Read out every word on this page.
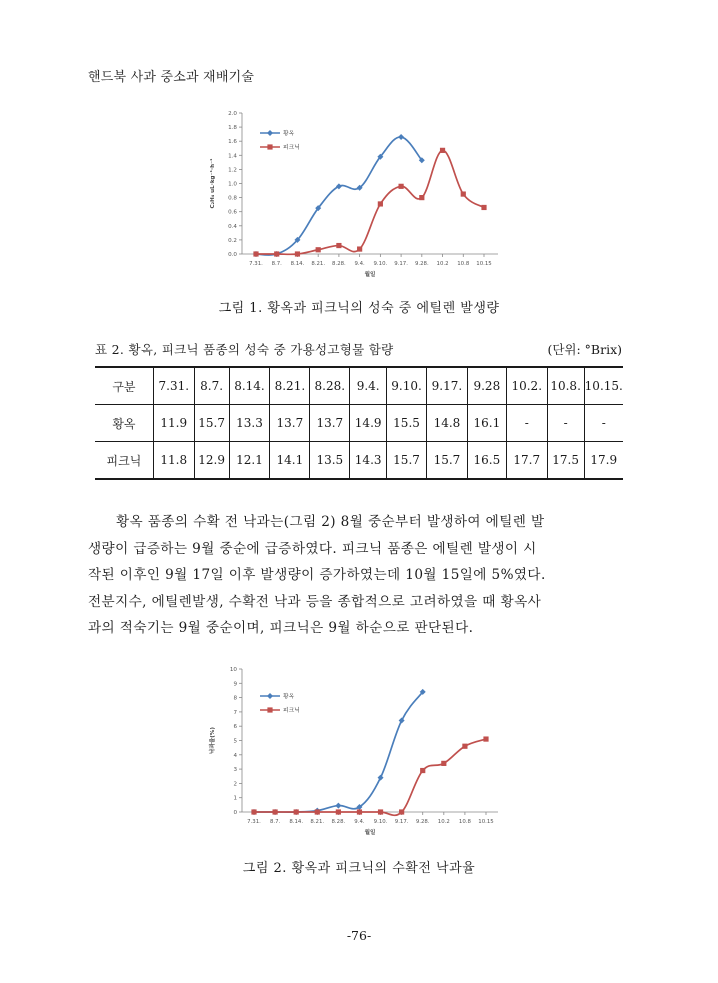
핸드북 사과 중소과 재배기술
0.0
0.2
0.4
0.6
0.8
1.0
1.2
1.4
1.6
1.8
2.0
7.31. 8.7. 8.14. 8.21. 8.28. 9.4. 9.10. 9.17. 9.28. 10.2 10.8 10.15
월일
C₂H₄ uL·kg⁻¹·h⁻¹
황옥
피크닉
그림 1. 황옥과 피크닉의 성숙 중 에틸렌 발생량
표 2. 황옥, 피크닉 품종의 성숙 중 가용성고형물 함량	(단위: °Brix)
구분	7.31.	8.7.	8.14.	8.21.	8.28.	9.4.	9.10.	9.17.	9.28	10.2.	10.8.	10.15.
황옥	11.9	15.7	13.3	13.7	13.7	14.9	15.5	14.8	16.1	-	-	-
피크닉	11.8	12.9	12.1	14.1	13.5	14.3	15.7	15.7	16.5	17.7	17.5	17.9

　　황옥 품종의 수확 전 낙과는(그림 2) 8월 중순부터 발생하여 에틸렌 발

생량이 급증하는 9월 중순에 급증하였다. 피크닉 품종은 에틸렌 발생이 시

작된 이후인 9월 17일 이후 발생량이 증가하였는데 10월 15일에 5%였다.

전분지수, 에틸렌발생, 수확전 낙과 등을 종합적으로 고려하였을 때 황옥사

과의 적숙기는 9월 중순이며, 피크닉은 9월 하순으로 판단된다.

0
1
2
3
4
5
6
7
8
9
10
7.31. 8.7. 8.14. 8.21. 8.28. 9.4. 9.10. 9.17. 9.28. 10.2 10.8 10.15
월일
낙과율(%)
황옥
피크닉
그림 2. 황옥과 피크닉의 수확전 낙과율
-76-
